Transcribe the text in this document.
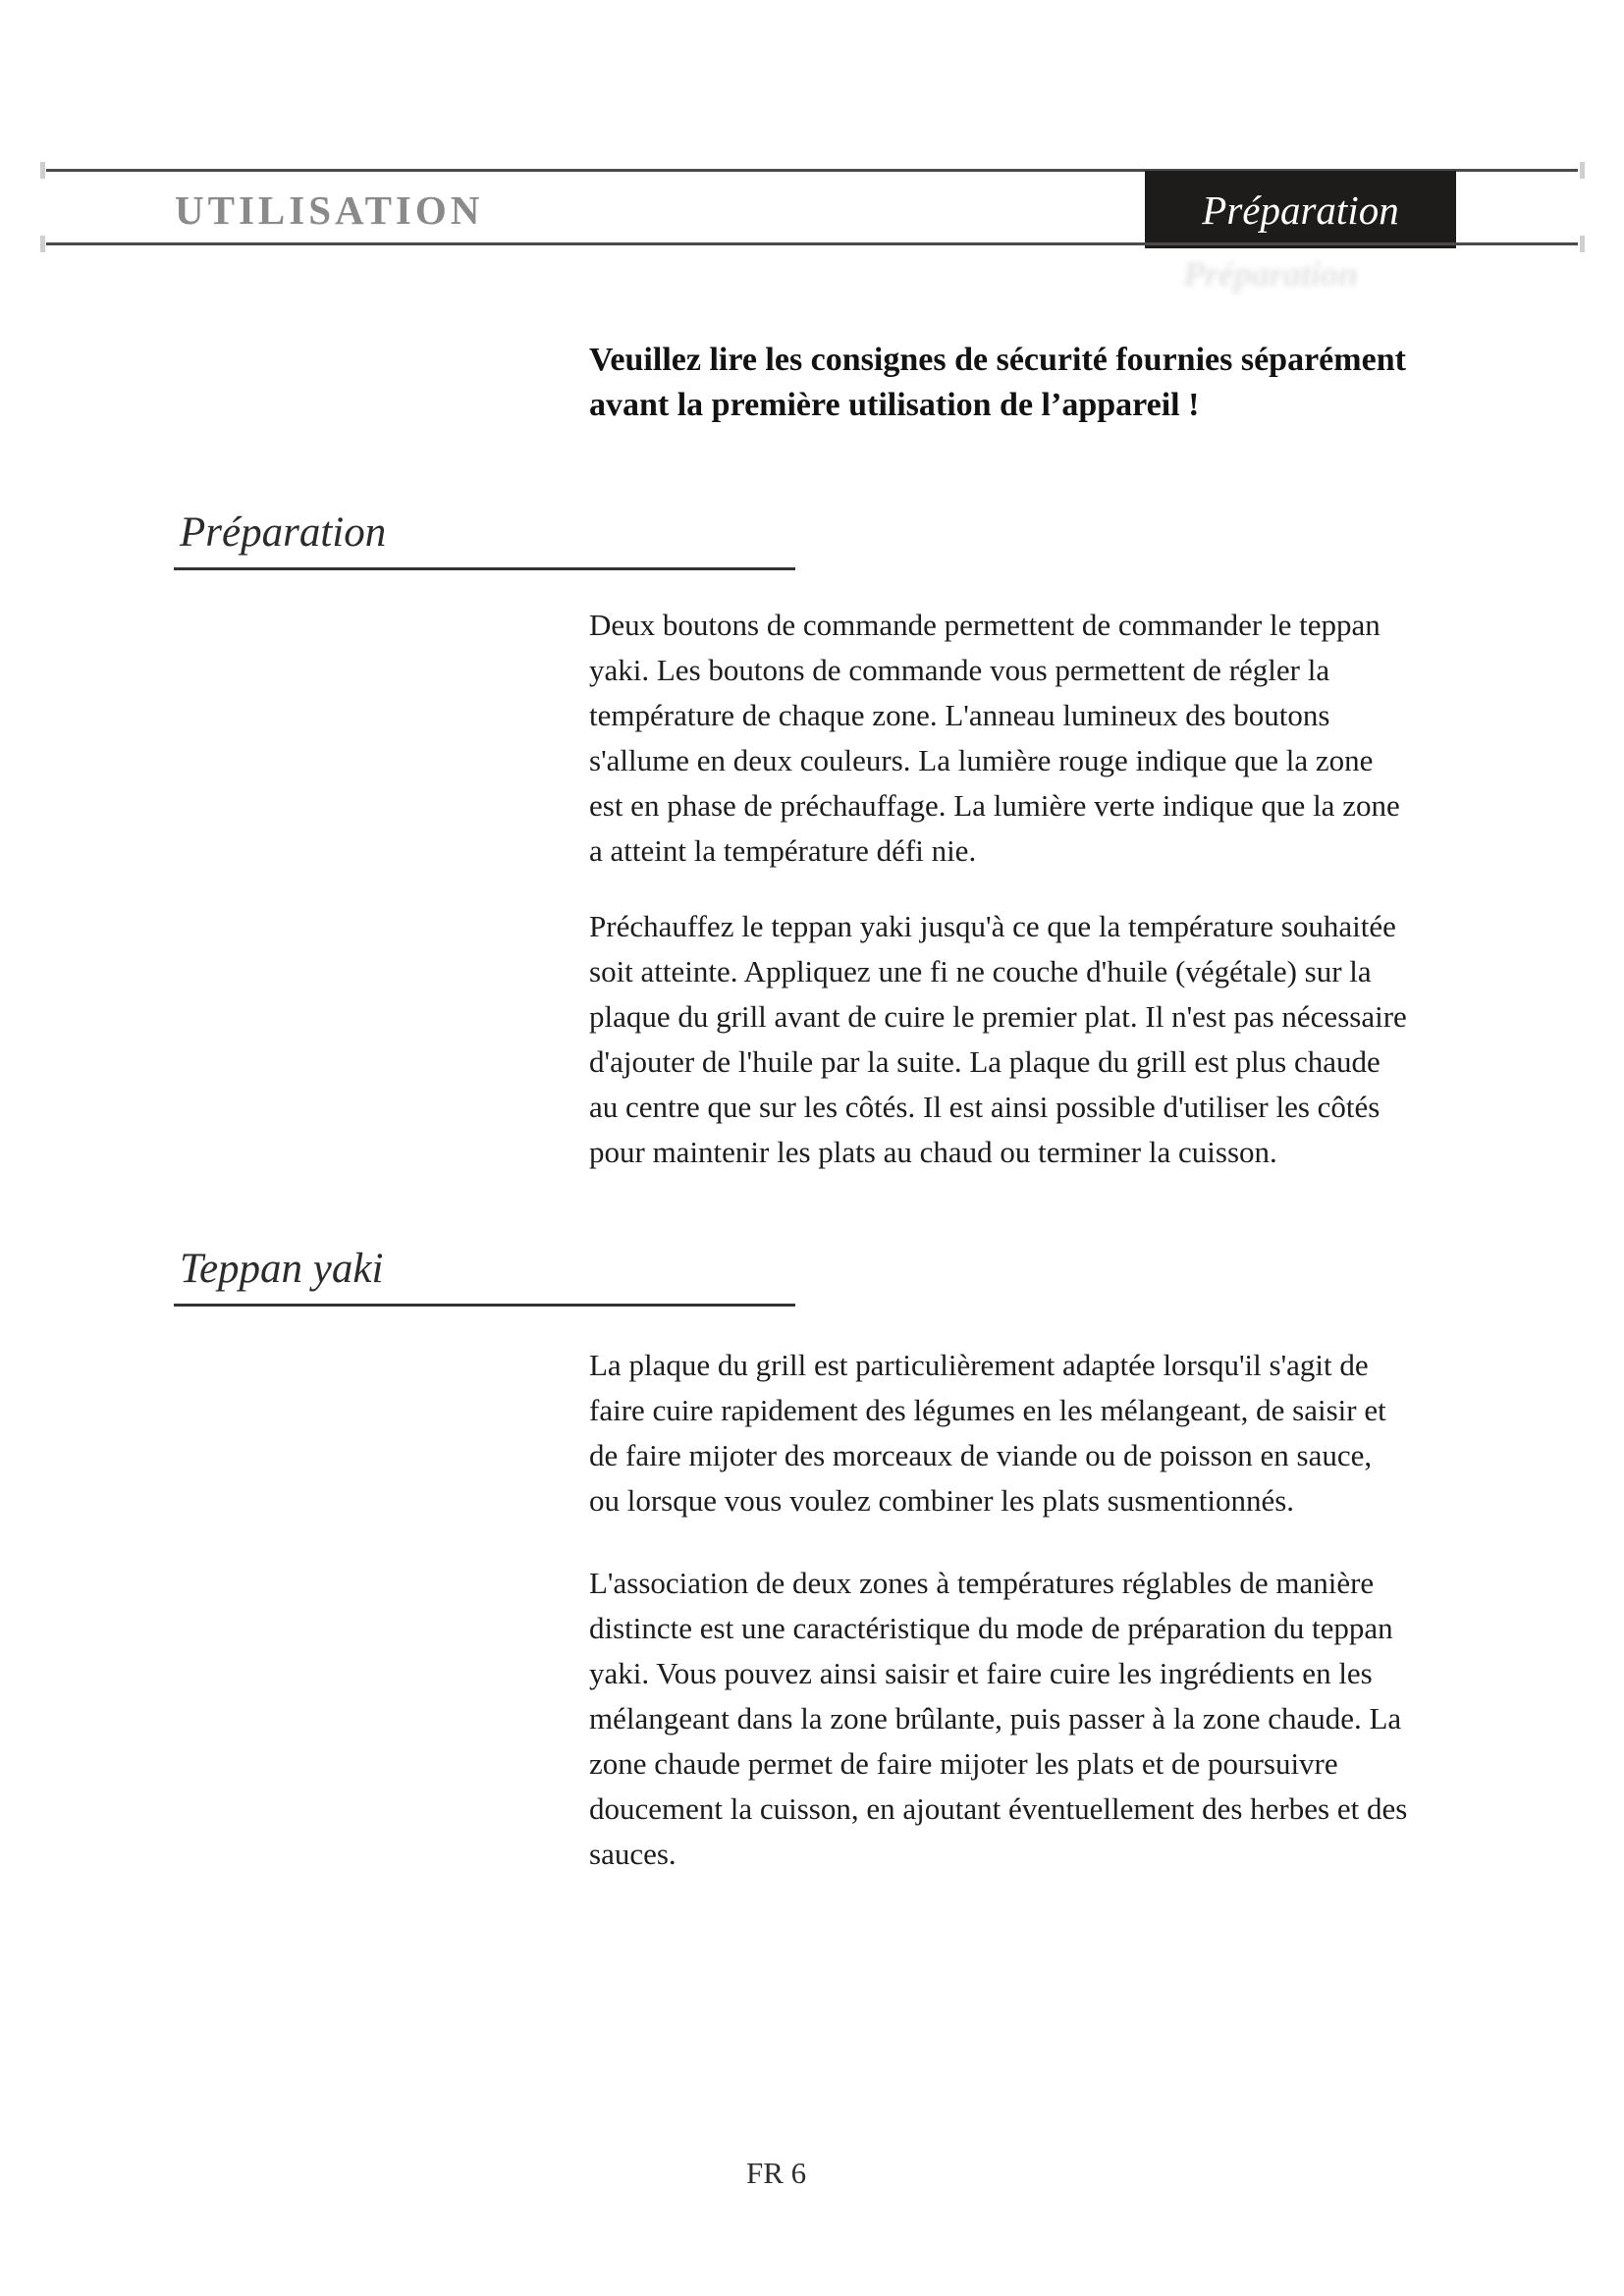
UTILISATION	Préparation
Préparation

Veuillez lire les consignes de sécurité fournies séparément avant la première utilisation de l’appareil !

Préparation

Deux boutons de commande permettent de commander le teppan yaki. Les boutons de commande vous permettent de régler la température de chaque zone. L'anneau lumineux des boutons s'allume en deux couleurs. La lumière rouge indique que la zone est en phase de préchauffage. La lumière verte indique que la zone a atteint la température défi nie.

Préchauffez le teppan yaki jusqu'à ce que la température souhaitée soit atteinte. Appliquez une fi ne couche d'huile (végétale) sur la plaque du grill avant de cuire le premier plat. Il n'est pas nécessaire d'ajouter de l'huile par la suite. La plaque du grill est plus chaude au centre que sur les côtés. Il est ainsi possible d'utiliser les côtés pour maintenir les plats au chaud ou terminer la cuisson.

Teppan yaki

La plaque du grill est particulièrement adaptée lorsqu'il s'agit de faire cuire rapidement des légumes en les mélangeant, de saisir et de faire mijoter des morceaux de viande ou de poisson en sauce, ou lorsque vous voulez combiner les plats susmentionnés.

L'association de deux zones à températures réglables de manière distincte est une caractéristique du mode de préparation du teppan yaki. Vous pouvez ainsi saisir et faire cuire les ingrédients en les mélangeant dans la zone brûlante, puis passer à la zone chaude. La zone chaude permet de faire mijoter les plats et de poursuivre doucement la cuisson, en ajoutant éventuellement des herbes et des sauces.

FR 6
